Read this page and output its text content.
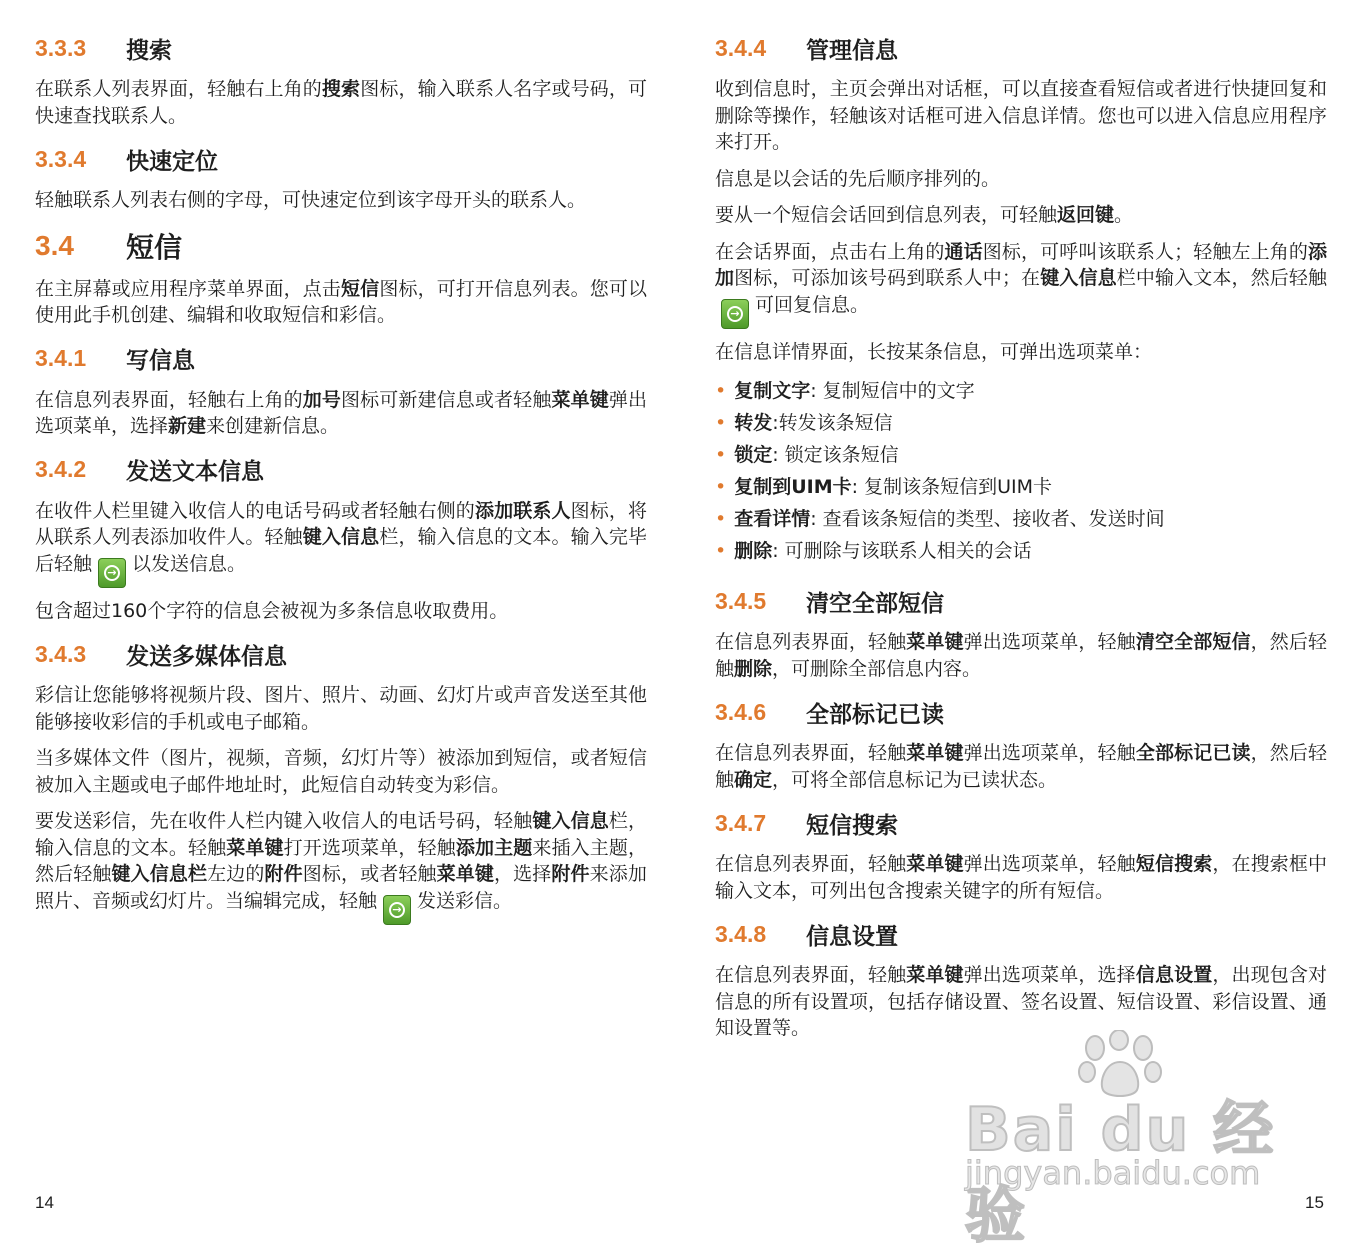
3.3.3	搜索

在联系人列表界面，轻触右上角的搜索图标，输入联系人名字或号码，可快速查找联系人。

3.3.4	快速定位

轻触联系人列表右侧的字母，可快速定位到该字母开头的联系人。

3.4	短信

在主屏幕或应用程序菜单界面，点击短信图标，可打开信息列表。您可以使用此手机创建、编辑和收取短信和彩信。

3.4.1	写信息

在信息列表界面，轻触右上角的加号图标可新建信息或者轻触菜单键弹出选项菜单，选择新建来创建新信息。

3.4.2	发送文本信息

在收件人栏里键入收信人的电话号码或者轻触右侧的添加联系人图标，将从联系人列表添加收件人。轻触键入信息栏，输入信息的文本。输入完毕后轻触	→ 以发送信息。

包含超过160个字符的信息会被视为多条信息收取费用。

3.4.3	发送多媒体信息

彩信让您能够将视频片段、图片、照片、动画、幻灯片或声音发送至其他能够接收彩信的手机或电子邮箱。

当多媒体文件（图片，视频，音频，幻灯片等）被添加到短信，或者短信被加入主题或电子邮件地址时，此短信自动转变为彩信。

要发送彩信，先在收件人栏内键入收信人的电话号码，轻触键入信息栏，输入信息的文本。轻触菜单键打开选项菜单，轻触添加主题来插入主题，然后轻触键入信息栏左边的附件图标，或者轻触菜单键，选择附件来添加照片、音频或幻灯片。当编辑完成，轻触	→ 发送彩信。

14
3.4.4	管理信息

收到信息时，主页会弹出对话框，可以直接查看短信或者进行快捷回复和删除等操作，轻触该对话框可进入信息详情。您也可以进入信息应用程序来打开。

信息是以会话的先后顺序排列的。

要从一个短信会话回到信息列表，可轻触返回键。

在会话界面，点击右上角的通话图标，可呼叫该联系人；轻触左上角的添加图标，可添加该号码到联系人中；在键入信息栏中输入文本，然后轻触
→ 可回复信息。

在信息详情界面，长按某条信息，可弹出选项菜单：

• 复制文字: 复制短信中的文字
• 转发:转发该条短信
• 锁定: 锁定该条短信
• 复制到UIM卡: 复制该条短信到UIM卡
• 查看详情: 查看该条短信的类型、接收者、发送时间
• 删除: 可删除与该联系人相关的会话
3.4.5	清空全部短信

在信息列表界面，轻触菜单键弹出选项菜单，轻触清空全部短信，然后轻触删除，可删除全部信息内容。

3.4.6	全部标记已读

在信息列表界面，轻触菜单键弹出选项菜单，轻触全部标记已读，然后轻触确定，可将全部信息标记为已读状态。

3.4.7	短信搜索

在信息列表界面，轻触菜单键弹出选项菜单，轻触短信搜索，在搜索框中输入文本，可列出包含搜索关键字的所有短信。

3.4.8	信息设置

在信息列表界面，轻触菜单键弹出选项菜单，选择信息设置，出现包含对信息的所有设置项，包括存储设置、签名设置、短信设置、彩信设置、通知设置等。

15
Bai du 经验
jingyan.baidu.com
